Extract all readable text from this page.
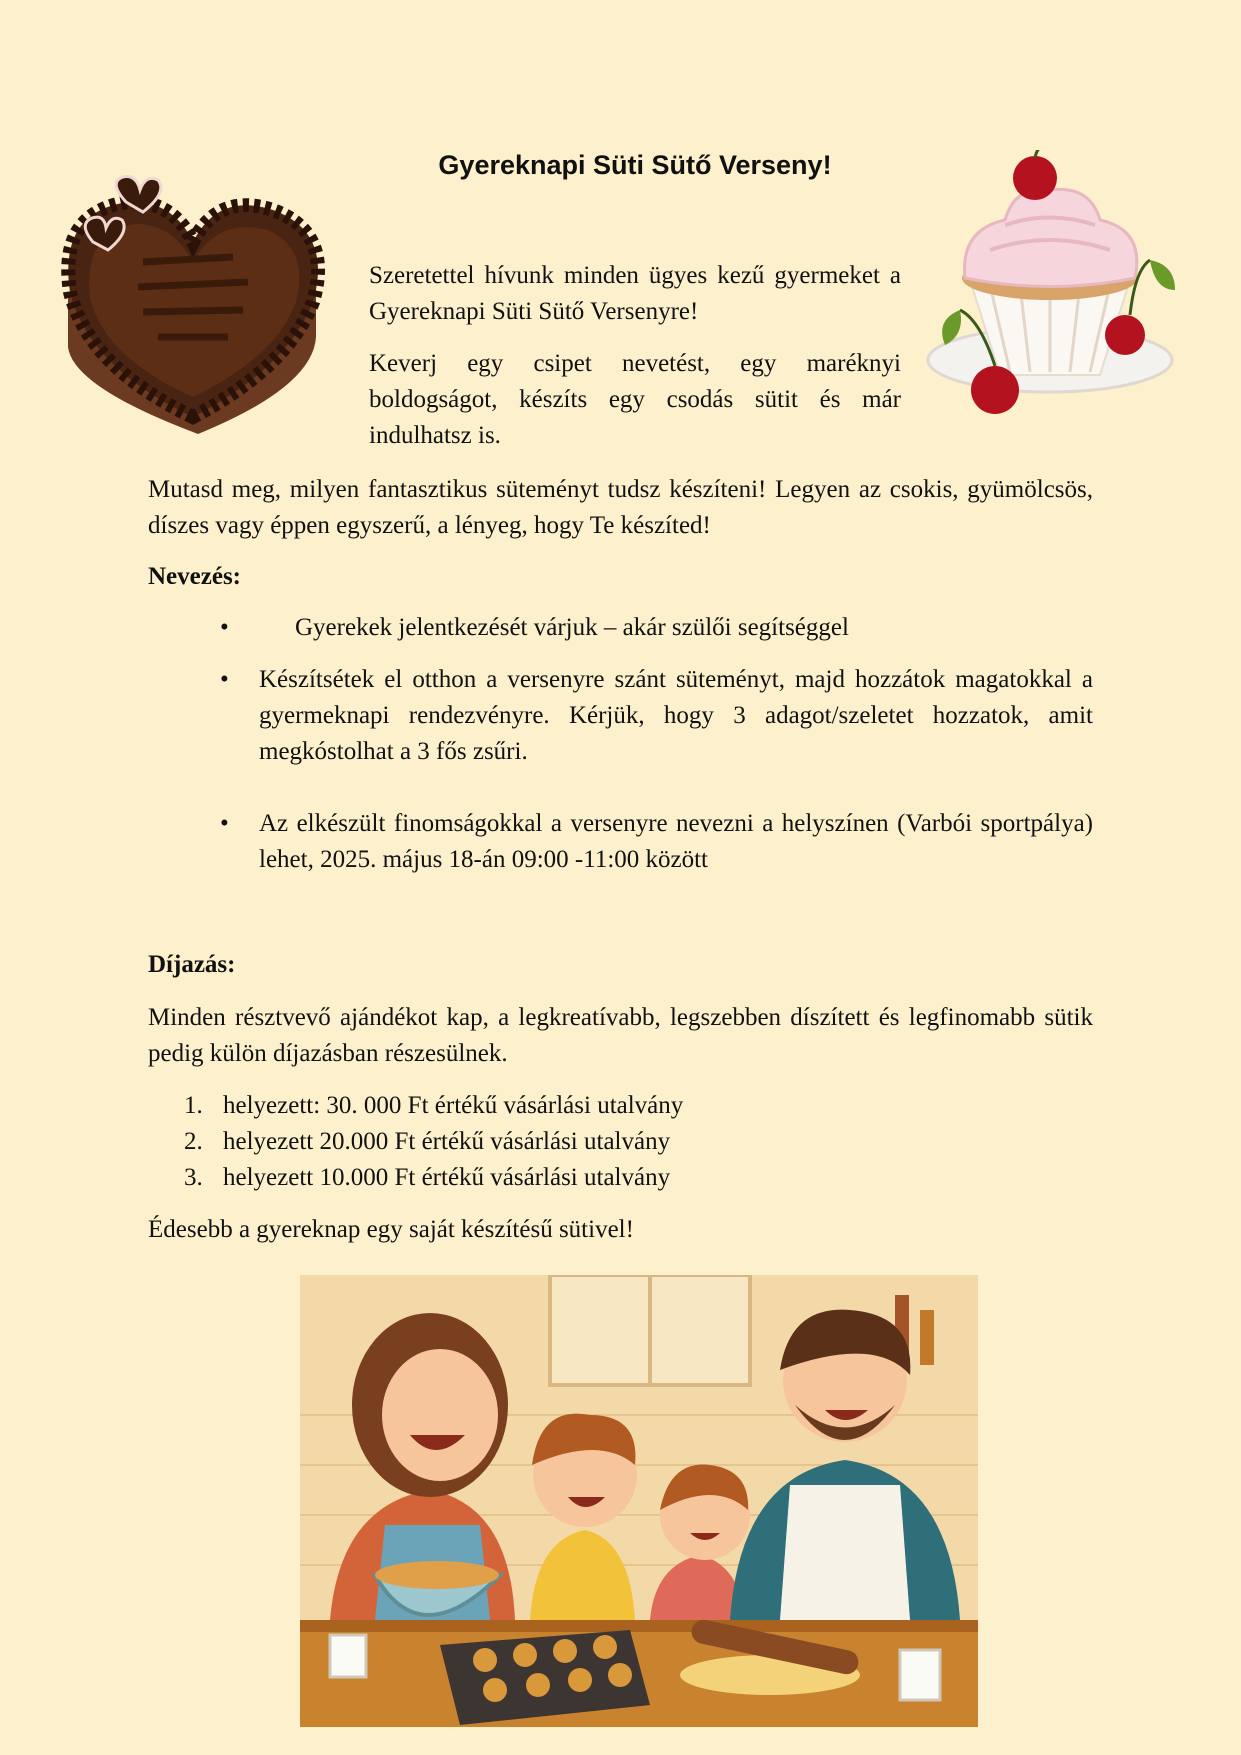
Gyereknapi Süti Sütő Verseny!

Szeretettel hívunk minden ügyes kezű gyermeket a Gyereknapi Süti Sütő Versenyre!

Keverj egy csipet nevetést, egy maréknyi boldogságot, készíts egy csodás sütit és már indulhatsz is.

Mutasd meg, milyen fantasztikus süteményt tudsz készíteni! Legyen az csokis, gyümölcsös, díszes vagy éppen egyszerű, a lényeg, hogy Te készíted!

Nevezés:

•	Gyerekek jelentkezését várjuk – akár szülői segítséggel
• Készítsétek el otthon a versenyre szánt süteményt, majd hozzátok magatokkal a gyermeknapi rendezvényre. Kérjük, hogy 3 adagot/szeletet hozzatok, amit megkóstolhat a 3 fős zsűri.
• Az elkészült finomságokkal a versenyre nevezni a helyszínen (Varbói sportpálya) lehet, 2025. május 18-án 09:00 -11:00 között

Díjazás:

Minden résztvevő ajándékot kap, a legkreatívabb, legszebben díszített és legfinomabb sütik pedig külön díjazásban részesülnek.

1. helyezett: 30. 000 Ft értékű vásárlási utalvány
2. helyezett 20.000 Ft értékű vásárlási utalvány
3. helyezett 10.000 Ft értékű vásárlási utalvány

Édesebb a gyereknap egy saját készítésű sütivel!
